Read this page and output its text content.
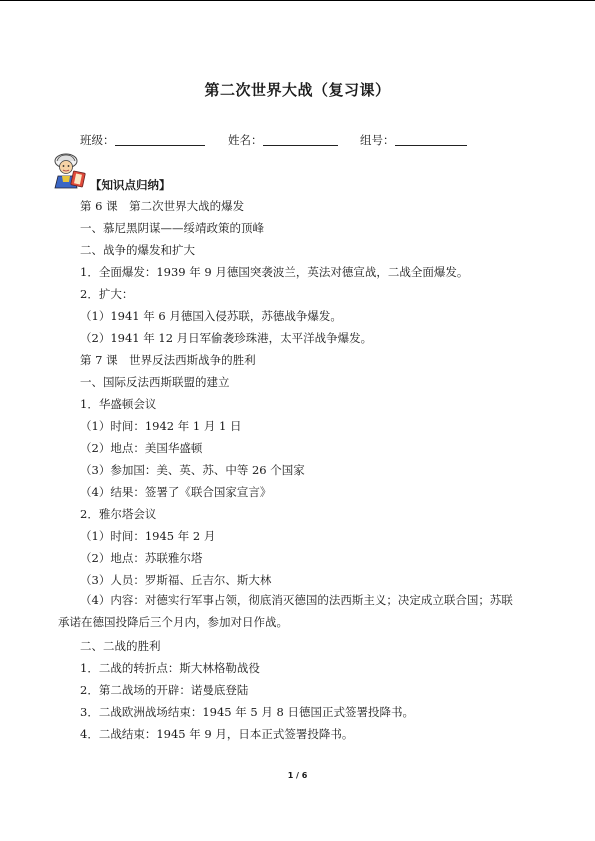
第二次世界大战（复习课）
班级：	姓名：	组号：
【知识点归纳】
第 6 课　第二次世界大战的爆发
一、慕尼黑阴谋——绥靖政策的顶峰
二、战争的爆发和扩大
1．全面爆发：1939 年 9 月德国突袭波兰，英法对德宣战，二战全面爆发。
2．扩大：
（1）1941 年 6 月德国入侵苏联，苏德战争爆发。
（2）1941 年 12 月日军偷袭珍珠港，太平洋战争爆发。
第 7 课　世界反法西斯战争的胜利
一、国际反法西斯联盟的建立
1．华盛顿会议
（1）时间：1942 年 1 月 1 日
（2）地点：美国华盛顿
（3）参加国：美、英、苏、中等 26 个国家
（4）结果：签署了《联合国家宣言》
2．雅尔塔会议
（1）时间：1945 年 2 月
（2）地点：苏联雅尔塔
（3）人员：罗斯福、丘吉尔、斯大林
（4）内容：对德实行军事占领，彻底消灭德国的法西斯主义；决定成立联合国；苏联承诺在德国投降后三个月内，参加对日作战。
二、二战的胜利
1．二战的转折点：斯大林格勒战役
2．第二战场的开辟：诺曼底登陆
3．二战欧洲战场结束：1945 年 5 月 8 日德国正式签署投降书。
4．二战结束：1945 年 9 月，日本正式签署投降书。
1 / 6
